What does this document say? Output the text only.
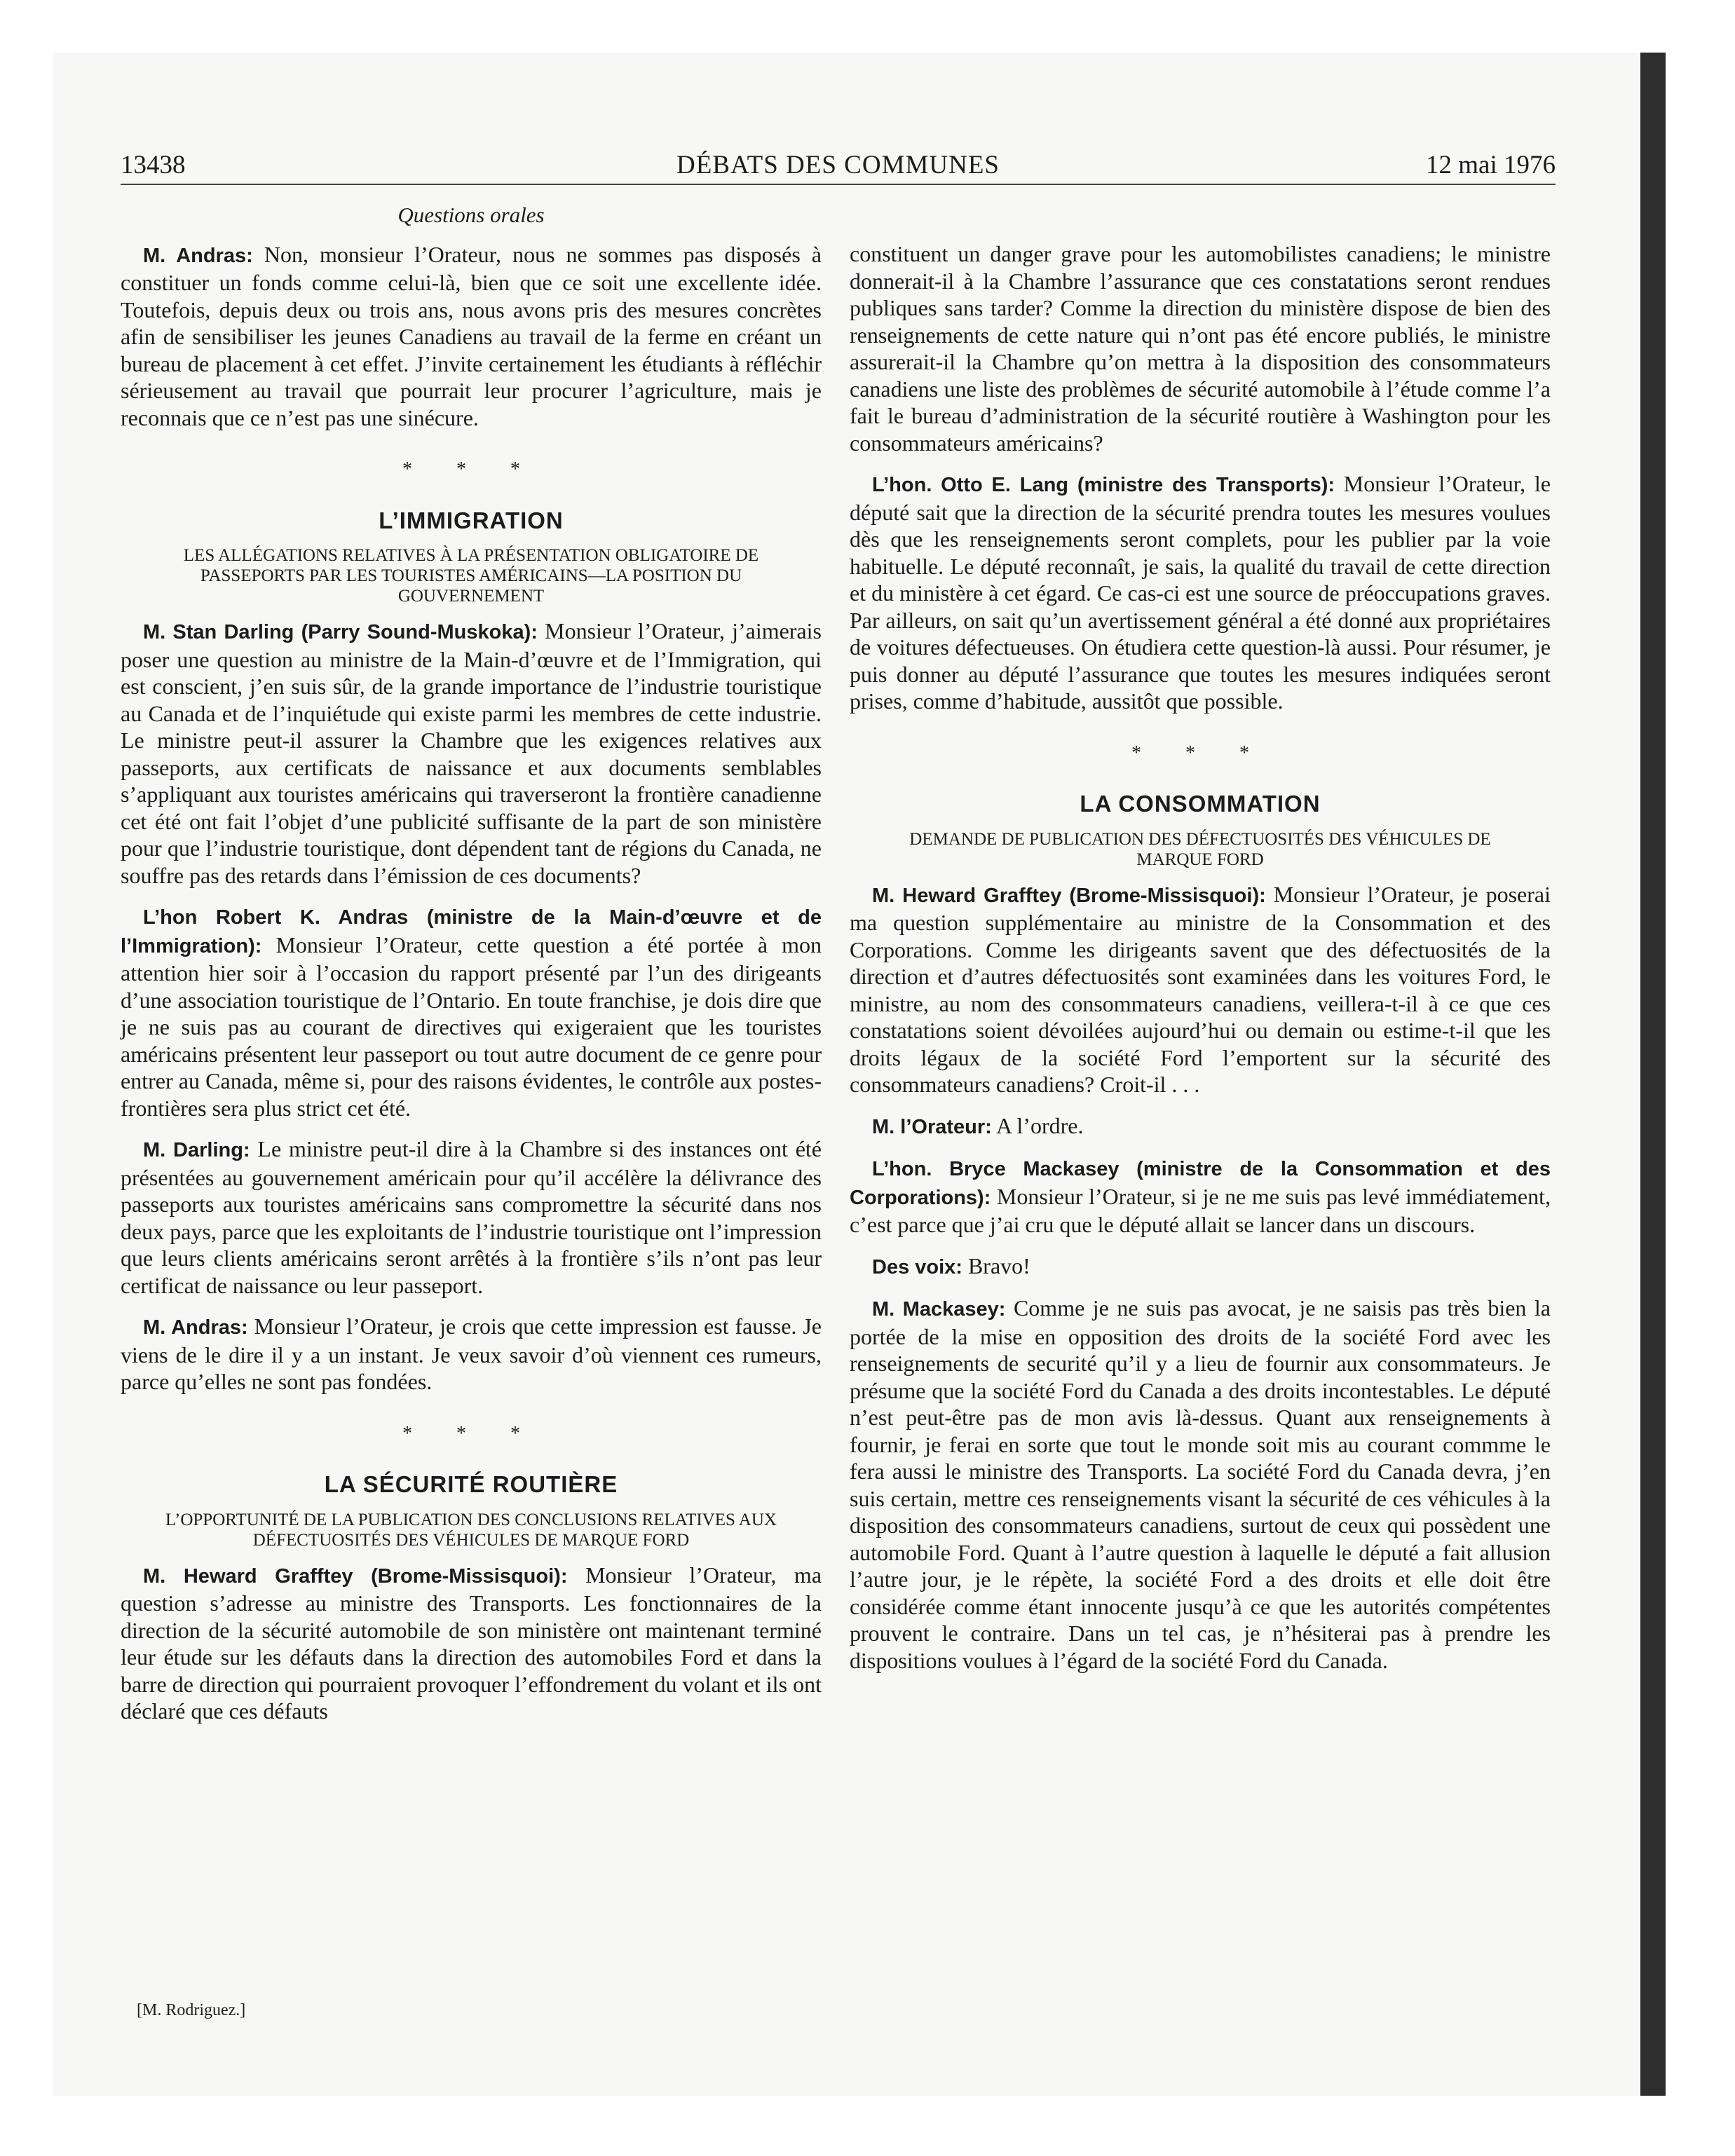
13438	DÉBATS DES COMMUNES	12 mai 1976
Questions orales

M. Andras: Non, monsieur l’Orateur, nous ne sommes pas disposés à constituer un fonds comme celui-là, bien que ce soit une excellente idée. Toutefois, depuis deux ou trois ans, nous avons pris des mesures concrètes afin de sensibiliser les jeunes Canadiens au travail de la ferme en créant un bureau de placement à cet effet. J’invite certainement les étudiants à réfléchir sérieusement au travail que pourrait leur procurer l’agriculture, mais je reconnais que ce n’est pas une sinécure.

* * *
L’IMMIGRATION
LES ALLÉGATIONS RELATIVES À LA PRÉSENTATION OBLIGATOIRE DE PASSEPORTS PAR LES TOURISTES AMÉRICAINS—LA POSITION DU GOUVERNEMENT

M. Stan Darling (Parry Sound-Muskoka): Monsieur l’Orateur, j’aimerais poser une question au ministre de la Main-d’œuvre et de l’Immigration, qui est conscient, j’en suis sûr, de la grande importance de l’industrie touristique au Canada et de l’inquiétude qui existe parmi les membres de cette industrie. Le ministre peut-il assurer la Chambre que les exigences relatives aux passeports, aux certificats de naissance et aux documents semblables s’appliquant aux touristes américains qui traverseront la frontière canadienne cet été ont fait l’objet d’une publicité suffisante de la part de son ministère pour que l’industrie touristique, dont dépendent tant de régions du Canada, ne souffre pas des retards dans l’émission de ces documents?

L’hon Robert K. Andras (ministre de la Main-d’œuvre et de l’Immigration): Monsieur l’Orateur, cette question a été portée à mon attention hier soir à l’occasion du rapport présenté par l’un des dirigeants d’une association touristique de l’Ontario. En toute franchise, je dois dire que je ne suis pas au courant de directives qui exigeraient que les touristes américains présentent leur passeport ou tout autre document de ce genre pour entrer au Canada, même si, pour des raisons évidentes, le contrôle aux postes-frontières sera plus strict cet été.

M. Darling: Le ministre peut-il dire à la Chambre si des instances ont été présentées au gouvernement américain pour qu’il accélère la délivrance des passeports aux touristes américains sans compromettre la sécurité dans nos deux pays, parce que les exploitants de l’industrie touristique ont l’impression que leurs clients américains seront arrêtés à la frontière s’ils n’ont pas leur certificat de naissance ou leur passeport.

M. Andras: Monsieur l’Orateur, je crois que cette impression est fausse. Je viens de le dire il y a un instant. Je veux savoir d’où viennent ces rumeurs, parce qu’elles ne sont pas fondées.

* * *
LA SÉCURITÉ ROUTIÈRE
L’OPPORTUNITÉ DE LA PUBLICATION DES CONCLUSIONS RELATIVES AUX DÉFECTUOSITÉS DES VÉHICULES DE MARQUE FORD

M. Heward Grafftey (Brome-Missisquoi): Monsieur l’Orateur, ma question s’adresse au ministre des Transports. Les fonctionnaires de la direction de la sécurité automobile de son ministère ont maintenant terminé leur étude sur les défauts dans la direction des automobiles Ford et dans la barre de direction qui pourraient provoquer l’effondrement du volant et ils ont déclaré que ces défauts

constituent un danger grave pour les automobilistes canadiens; le ministre donnerait-il à la Chambre l’assurance que ces constatations seront rendues publiques sans tarder? Comme la direction du ministère dispose de bien des renseignements de cette nature qui n’ont pas été encore publiés, le ministre assurerait-il la Chambre qu’on mettra à la disposition des consommateurs canadiens une liste des problèmes de sécurité automobile à l’étude comme l’a fait le bureau d’administration de la sécurité routière à Washington pour les consommateurs américains?

L’hon. Otto E. Lang (ministre des Transports): Monsieur l’Orateur, le député sait que la direction de la sécurité prendra toutes les mesures voulues dès que les renseignements seront complets, pour les publier par la voie habituelle. Le député reconnaît, je sais, la qualité du travail de cette direction et du ministère à cet égard. Ce cas-ci est une source de préoccupations graves. Par ailleurs, on sait qu’un avertissement général a été donné aux propriétaires de voitures défectueuses. On étudiera cette question-là aussi. Pour résumer, je puis donner au député l’assurance que toutes les mesures indiquées seront prises, comme d’habitude, aussitôt que possible.

* * *
LA CONSOMMATION
DEMANDE DE PUBLICATION DES DÉFECTUOSITÉS DES VÉHICULES DE MARQUE FORD

M. Heward Grafftey (Brome-Missisquoi): Monsieur l’Orateur, je poserai ma question supplémentaire au ministre de la Consommation et des Corporations. Comme les dirigeants savent que des défectuosités de la direction et d’autres défectuosités sont examinées dans les voitures Ford, le ministre, au nom des consommateurs canadiens, veillera-t-il à ce que ces constatations soient dévoilées aujourd’hui ou demain ou estime-t-il que les droits légaux de la société Ford l’emportent sur la sécurité des consommateurs canadiens? Croit-il . . .

M. l’Orateur: A l’ordre.

L’hon. Bryce Mackasey (ministre de la Consommation et des Corporations): Monsieur l’Orateur, si je ne me suis pas levé immédiatement, c’est parce que j’ai cru que le député allait se lancer dans un discours.

Des voix: Bravo!

M. Mackasey: Comme je ne suis pas avocat, je ne saisis pas très bien la portée de la mise en opposition des droits de la société Ford avec les renseignements de securité qu’il y a lieu de fournir aux consommateurs. Je présume que la société Ford du Canada a des droits incontestables. Le député n’est peut-être pas de mon avis là-dessus. Quant aux renseignements à fournir, je ferai en sorte que tout le monde soit mis au courant commme le fera aussi le ministre des Transports. La société Ford du Canada devra, j’en suis certain, mettre ces renseignements visant la sécurité de ces véhicules à la disposition des consommateurs canadiens, surtout de ceux qui possèdent une automobile Ford. Quant à l’autre question à laquelle le député a fait allusion l’autre jour, je le répète, la société Ford a des droits et elle doit être considérée comme étant innocente jusqu’à ce que les autorités compétentes prouvent le contraire. Dans un tel cas, je n’hésiterai pas à prendre les dispositions voulues à l’égard de la société Ford du Canada.

[M. Rodriguez.]
